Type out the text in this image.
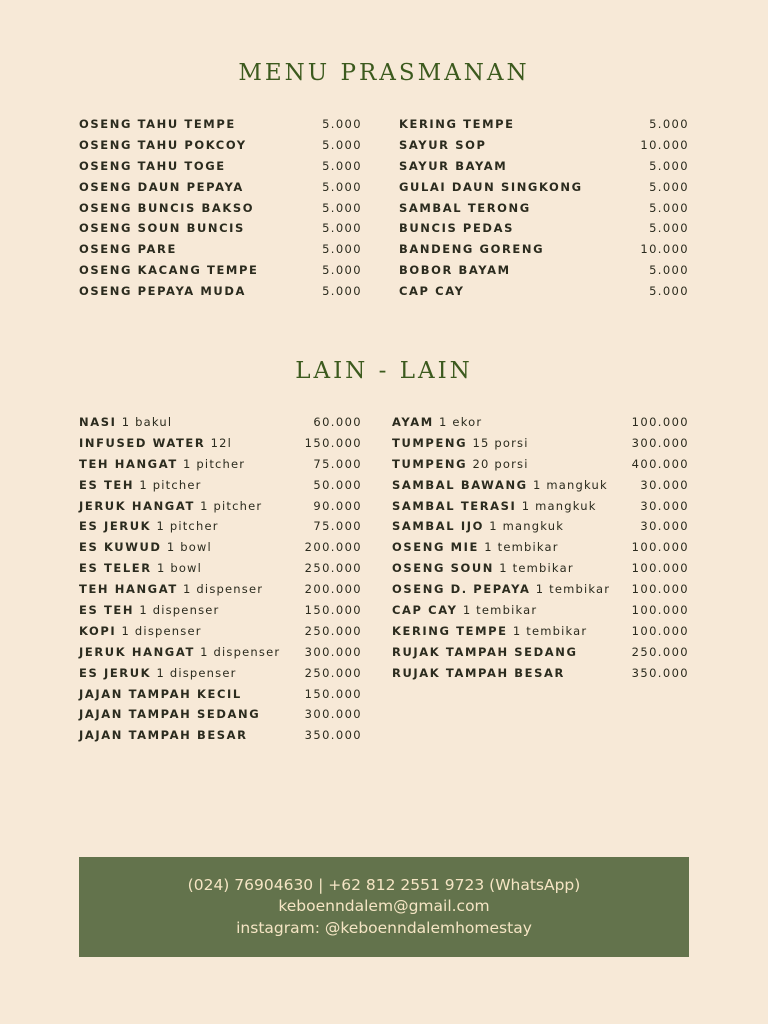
MENU PRASMANAN
OSENG TAHU TEMPE	5.000
OSENG TAHU POKCOY	5.000
OSENG TAHU TOGE	5.000
OSENG DAUN PEPAYA	5.000
OSENG BUNCIS BAKSO	5.000
OSENG SOUN BUNCIS	5.000
OSENG PARE	5.000
OSENG KACANG TEMPE	5.000
OSENG PEPAYA MUDA	5.000
KERING TEMPE	5.000
SAYUR SOP	10.000
SAYUR BAYAM	5.000
GULAI DAUN SINGKONG	5.000
SAMBAL TERONG	5.000
BUNCIS PEDAS	5.000
BANDENG GORENG	10.000
BOBOR BAYAM	5.000
CAP CAY	5.000
LAIN - LAIN
NASI 1 bakul	60.000
INFUSED WATER 12l	150.000
TEH HANGAT 1 pitcher	75.000
ES TEH 1 pitcher	50.000
JERUK HANGAT 1 pitcher	90.000
ES JERUK 1 pitcher	75.000
ES KUWUD 1 bowl	200.000
ES TELER 1 bowl	250.000
TEH HANGAT 1 dispenser	200.000
ES TEH 1 dispenser	150.000
KOPI 1 dispenser	250.000
JERUK HANGAT 1 dispenser 300.000
ES JERUK 1 dispenser	250.000
JAJAN TAMPAH KECIL	150.000
JAJAN TAMPAH SEDANG	300.000
JAJAN TAMPAH BESAR	350.000
AYAM 1 ekor	100.000
TUMPENG 15 porsi	300.000
TUMPENG 20 porsi	400.000
SAMBAL BAWANG 1 mangkuk	30.000
SAMBAL TERASI 1 mangkuk	30.000
SAMBAL IJO 1 mangkuk	30.000
OSENG MIE 1 tembikar	100.000
OSENG SOUN 1 tembikar	100.000
OSENG D. PEPAYA 1 tembikar 100.000
CAP CAY 1 tembikar	100.000
KERING TEMPE 1 tembikar	100.000
RUJAK TAMPAH SEDANG	250.000
RUJAK TAMPAH BESAR	350.000
(024) 76904630 | +62 812 2551 9723 (WhatsApp)
keboenndalem@gmail.com
instagram: @keboenndalemhomestay
